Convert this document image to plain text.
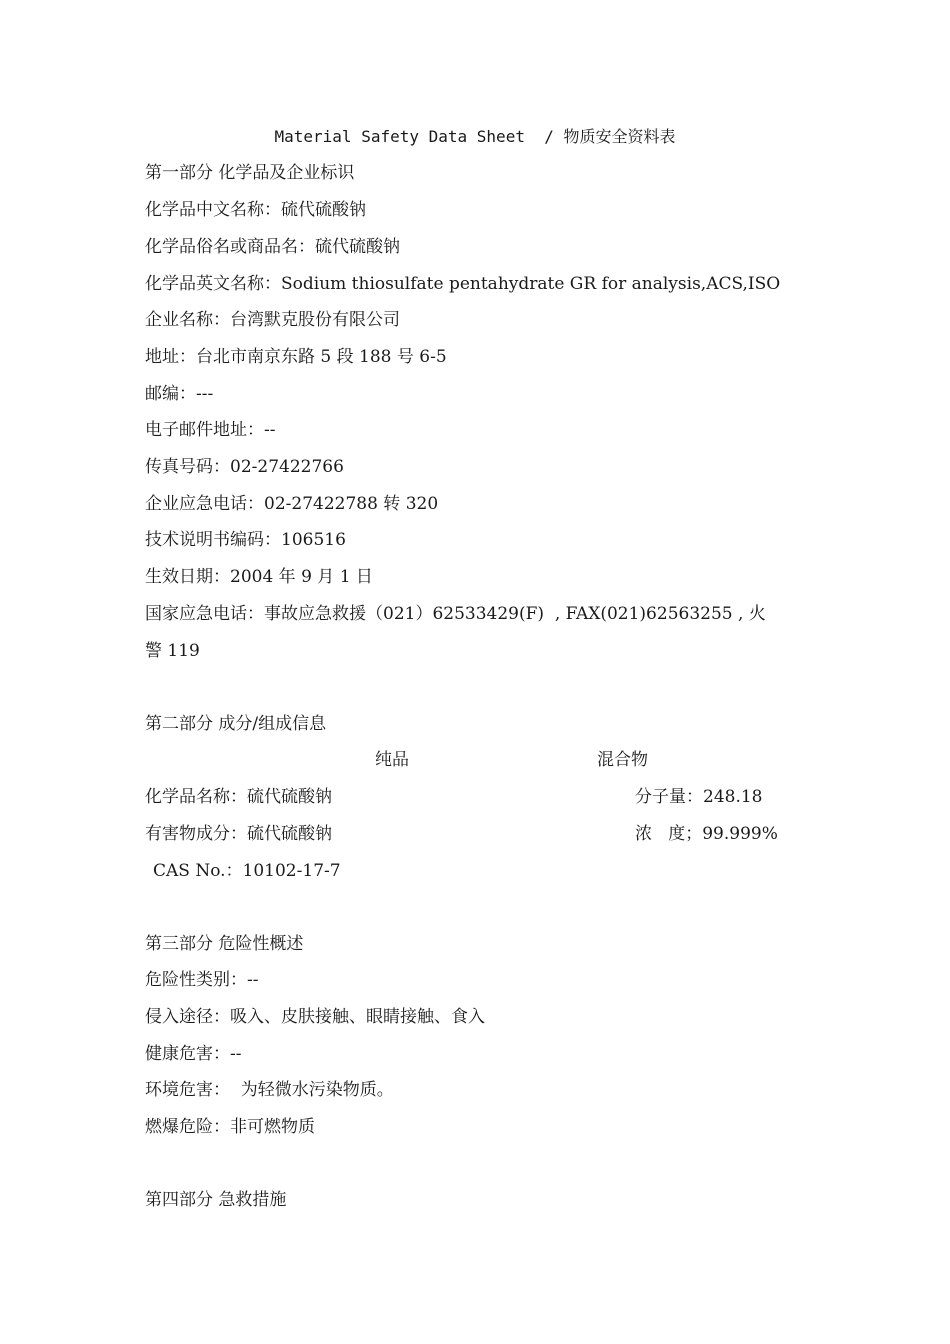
Material Safety Data Sheet  / 物质安全资料表
第一部分 化学品及企业标识
化学品中文名称：硫代硫酸钠
化学品俗名或商品名：硫代硫酸钠
化学品英文名称：Sodium thiosulfate pentahydrate GR for analysis,ACS,ISO
企业名称：台湾默克股份有限公司
地址：台北市南京东路 5 段 188 号 6-5
邮编：---
电子邮件地址：--
传真号码：02-27422766
企业应急电话：02-27422788 转 320
技术说明书编码：106516
生效日期：2004 年 9 月 1 日
国家应急电话：事故应急救援（021）62533429(F)  , FAX(021)62563255 , 火
警 119
第二部分 成分/组成信息
纯品	混合物
化学品名称：硫代硫酸钠	分子量：248.18
有害物成分：硫代硫酸钠	浓   度；99.999%
CAS No.：10102-17-7
第三部分 危险性概述
危险性类别：--
侵入途径：吸入、皮肤接触、眼睛接触、食入
健康危害：--
环境危害：  为轻微水污染物质。
燃爆危险：非可燃物质
第四部分 急救措施
